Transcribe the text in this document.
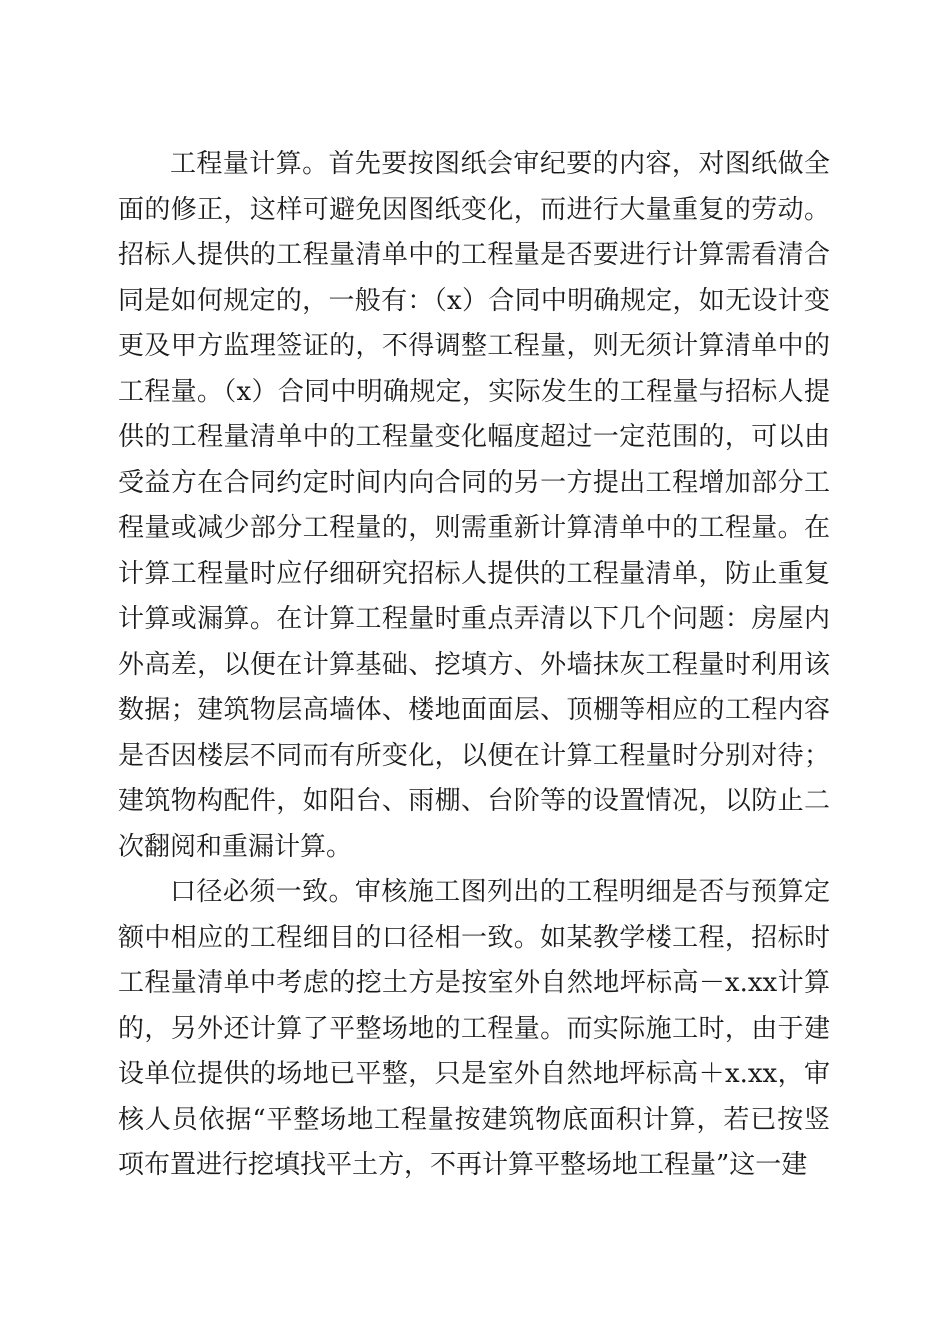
工程量计算。首先要按图纸会审纪要的内容，对图纸做全面的修正，这样可避免因图纸变化，而进行大量重复的劳动。招标人提供的工程量清单中的工程量是否要进行计算需看清合同是如何规定的，一般有：（x）合同中明确规定，如无设计变更及甲方监理签证的，不得调整工程量，则无须计算清单中的工程量。（x）合同中明确规定，实际发生的工程量与招标人提供的工程量清单中的工程量变化幅度超过一定范围的，可以由受益方在合同约定时间内向合同的另一方提出工程增加部分工程量或减少部分工程量的，则需重新计算清单中的工程量。在计算工程量时应仔细研究招标人提供的工程量清单，防止重复计算或漏算。在计算工程量时重点弄清以下几个问题：房屋内外高差，以便在计算基础、挖填方、外墙抹灰工程量时利用该数据；建筑物层高墙体、楼地面面层、顶棚等相应的工程内容是否因楼层不同而有所变化，以便在计算工程量时分别对待；建筑物构配件，如阳台、雨棚、台阶等的设置情况，以防止二次翻阅和重漏计算。

口径必须一致。审核施工图列出的工程明细是否与预算定额中相应的工程细目的口径相一致。如某教学楼工程，招标时工程量清单中考虑的挖土方是按室外自然地坪标高－x.xx计算的，另外还计算了平整场地的工程量。而实际施工时，由于建设单位提供的场地已平整，只是室外自然地坪标高＋x.xx，审核人员依据“平整场地工程量按建筑物底面积计算，若已按竖项布置进行挖填找平土方，不再计算平整场地工程量”这一建
